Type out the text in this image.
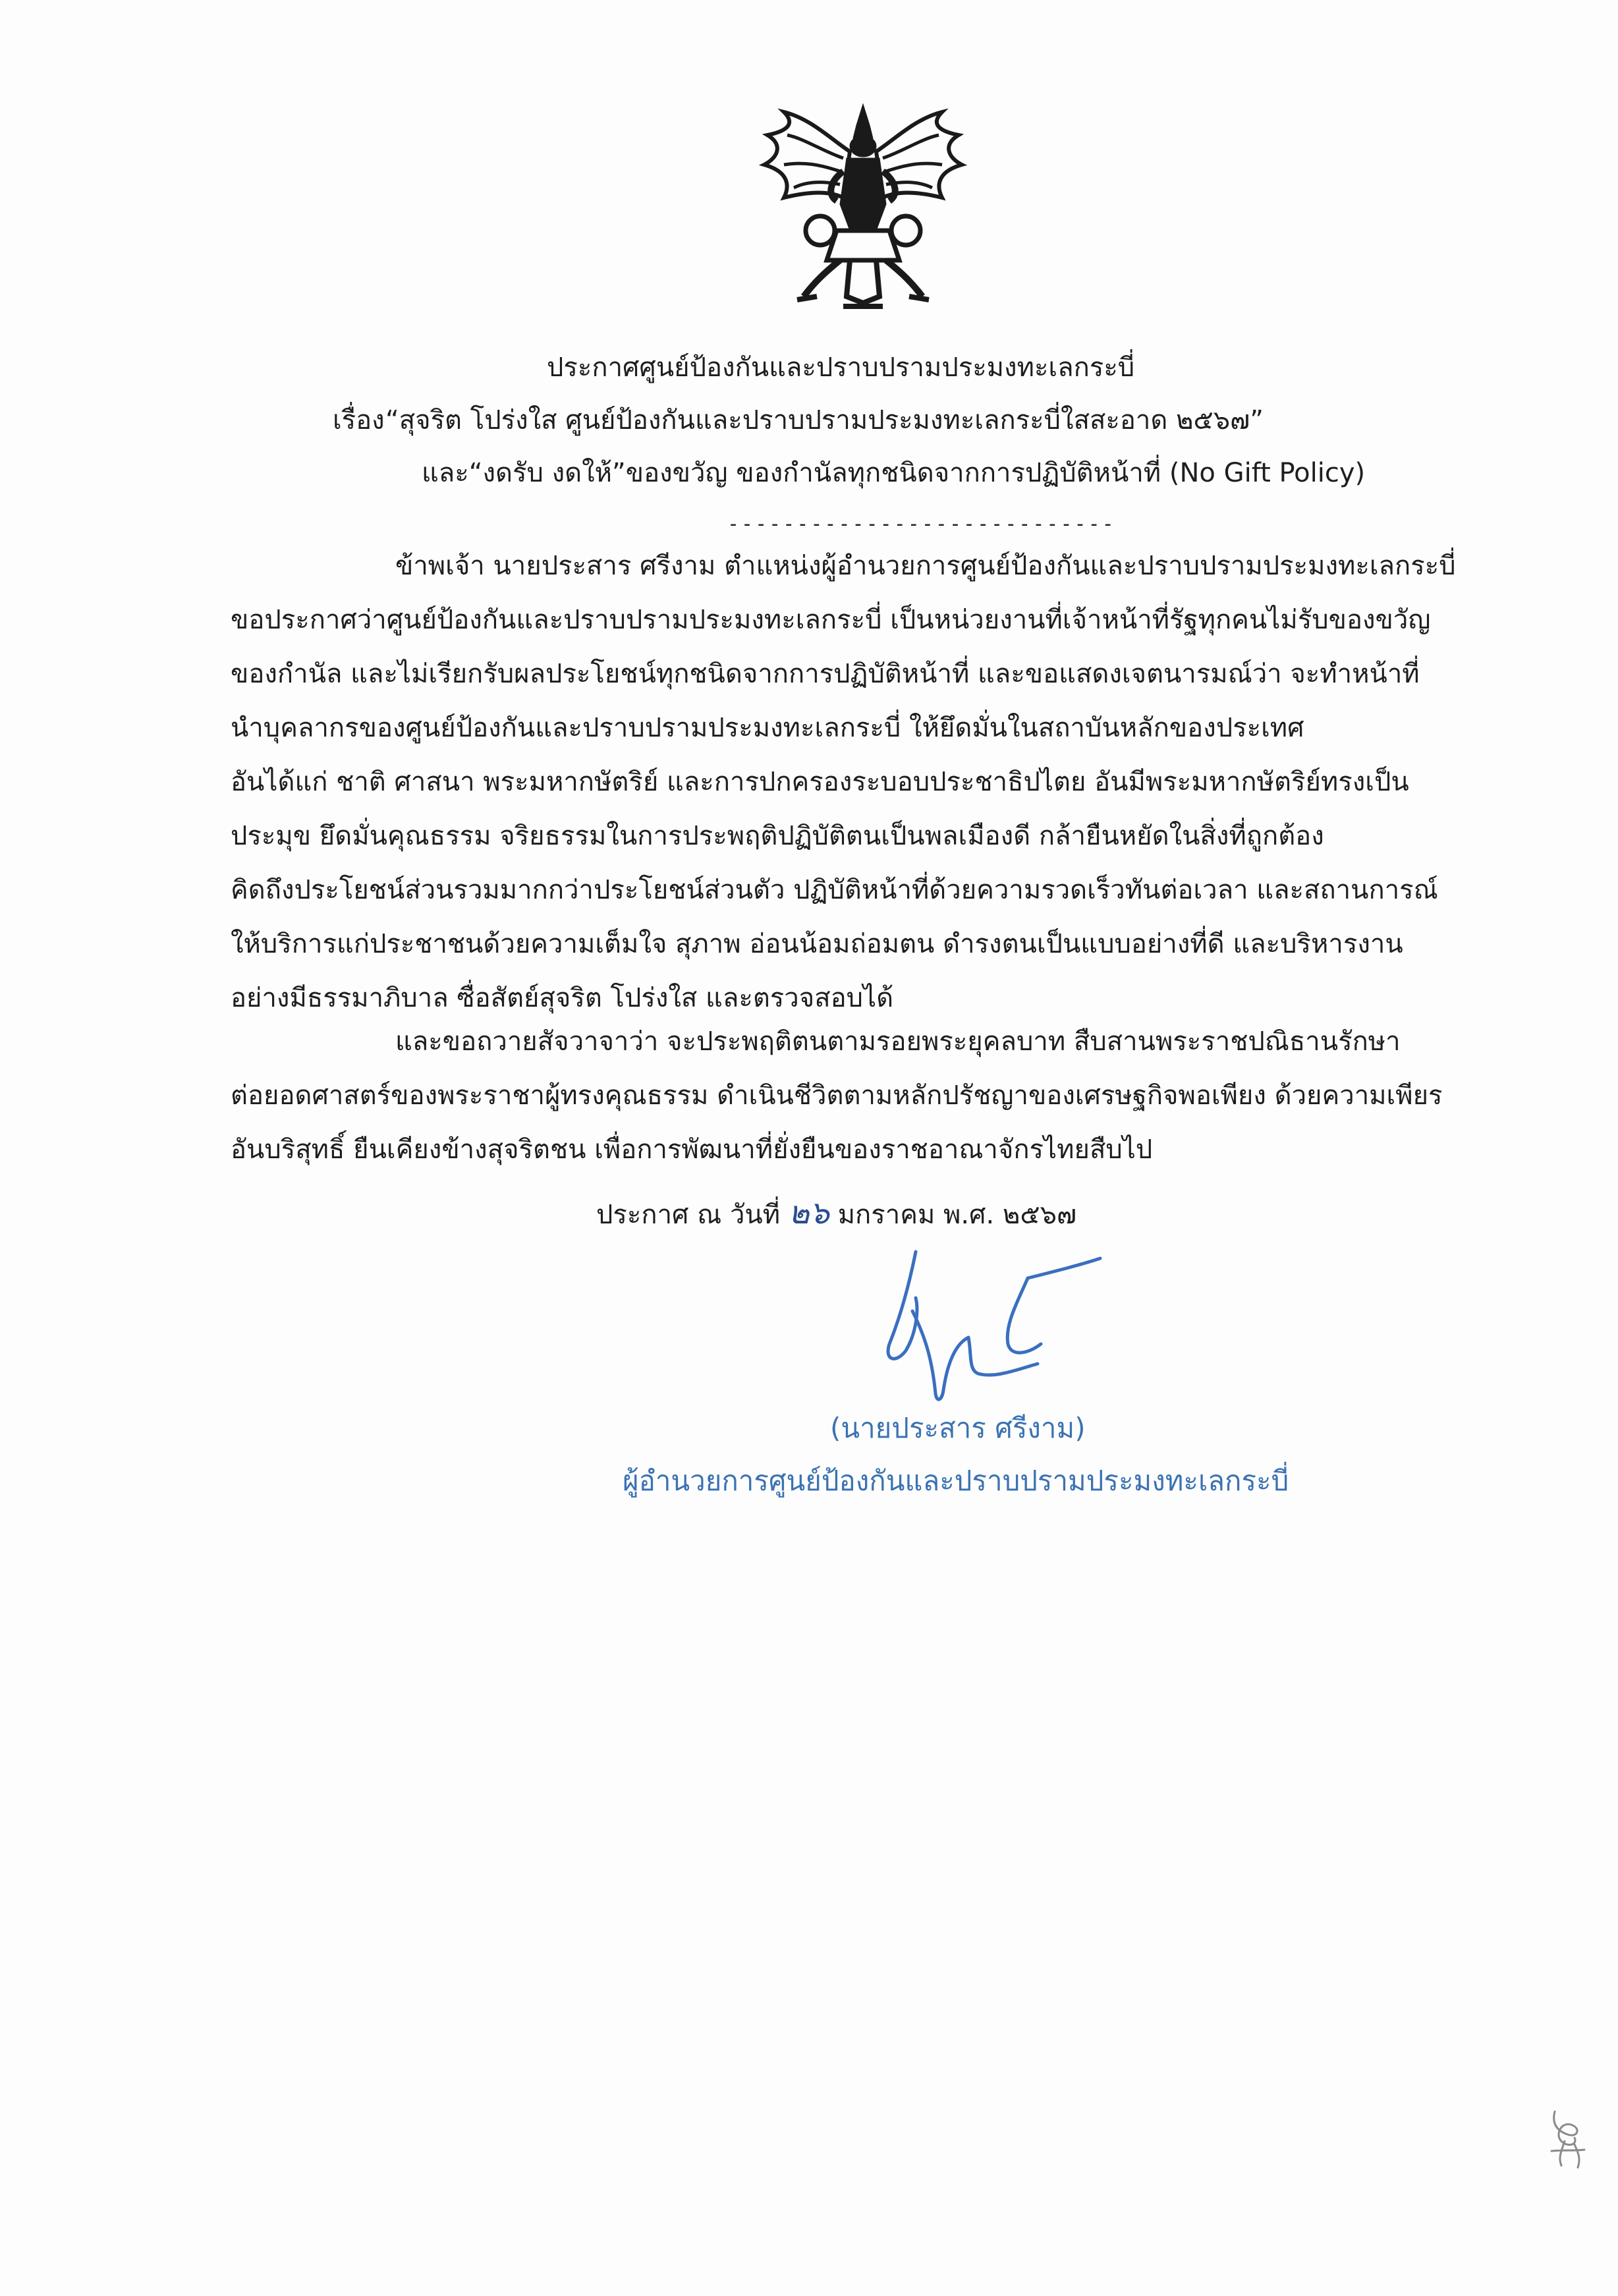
ประกาศศูนย์ป้องกันและปราบปรามประมงทะเลกระบี่
เรื่อง “สุจริต โปร่งใส ศูนย์ป้องกันและปราบปรามประมงทะเลกระบี่ใสสะอาด ๒๕๖๗”
และ“งดรับ งดให้”ของขวัญ ของกำนัลทุกชนิดจากการปฏิบัติหน้าที่ (No Gift Policy)
----------------------------
ข้าพเจ้า นายประสาร ศรีงาม ตำแหน่งผู้อำนวยการศูนย์ป้องกันและปราบปรามประมงทะเลกระบี่
ขอประกาศว่าศูนย์ป้องกันและปราบปรามประมงทะเลกระบี่ เป็นหน่วยงานที่เจ้าหน้าที่รัฐทุกคนไม่รับของขวัญ
ของกำนัล และไม่เรียกรับผลประโยชน์ทุกชนิดจากการปฏิบัติหน้าที่ และขอแสดงเจตนารมณ์ว่า จะทำหน้าที่
นำบุคลากรของศูนย์ป้องกันและปราบปรามประมงทะเลกระบี่ ให้ยึดมั่นในสถาบันหลักของประเทศ
อันได้แก่ ชาติ ศาสนา พระมหากษัตริย์ และการปกครองระบอบประชาธิปไตย อันมีพระมหากษัตริย์ทรงเป็น
ประมุข ยึดมั่นคุณธรรม จริยธรรมในการประพฤติปฏิบัติตนเป็นพลเมืองดี กล้ายืนหยัดในสิ่งที่ถูกต้อง
คิดถึงประโยชน์ส่วนรวมมากกว่าประโยชน์ส่วนตัว ปฏิบัติหน้าที่ด้วยความรวดเร็วทันต่อเวลา และสถานการณ์
ให้บริการแก่ประชาชนด้วยความเต็มใจ สุภาพ อ่อนน้อมถ่อมตน ดำรงตนเป็นแบบอย่างที่ดี และบริหารงาน
อย่างมีธรรมาภิบาล ซื่อสัตย์สุจริต โปร่งใส และตรวจสอบได้
และขอถวายสัจวาจาว่า จะประพฤติตนตามรอยพระยุคลบาท สืบสานพระราชปณิธานรักษา
ต่อยอดศาสตร์ของพระราชาผู้ทรงคุณธรรม ดำเนินชีวิตตามหลักปรัชญาของเศรษฐกิจพอเพียง ด้วยความเพียร
อันบริสุทธิ์ ยืนเคียงข้างสุจริตชน เพื่อการพัฒนาที่ยั่งยืนของราชอาณาจักรไทยสืบไป
ประกาศ ณ วันที่ ๒๖ มกราคม พ.ศ. ๒๕๖๗
(นายประสาร ศรีงาม)
ผู้อำนวยการศูนย์ป้องกันและปราบปรามประมงทะเลกระบี่
